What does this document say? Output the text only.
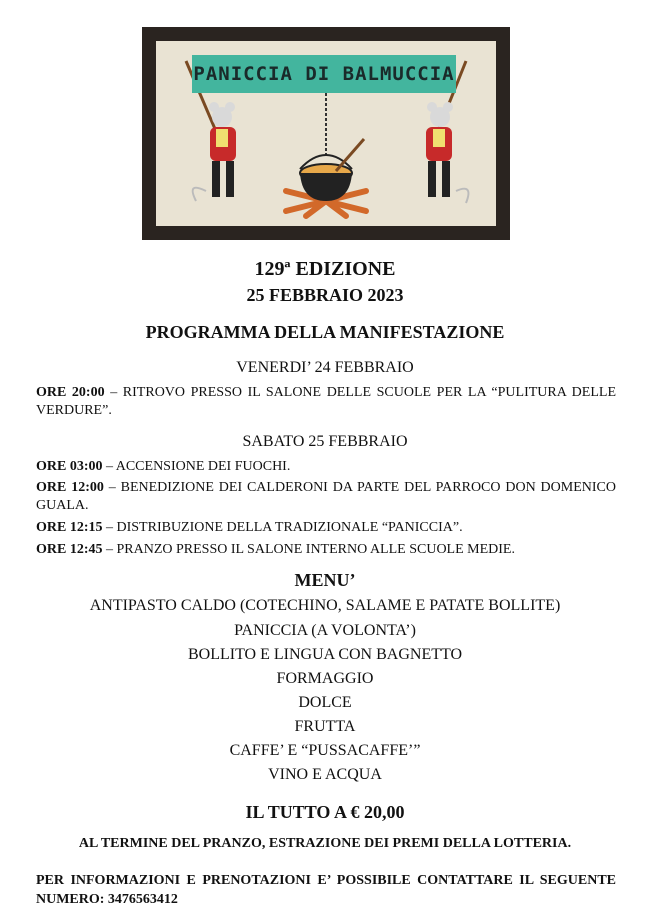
PANICCIA DI BALMUCCIA
129ª EDIZIONE
25 FEBBRAIO 2023
PROGRAMMA DELLA MANIFESTAZIONE
VENERDI’ 24 FEBBRAIO
ORE 20:00 – RITROVO PRESSO IL SALONE DELLE SCUOLE PER LA “PULITURA DELLE VERDURE”.
SABATO 25 FEBBRAIO
ORE 03:00 – ACCENSIONE DEI FUOCHI.
ORE 12:00 – BENEDIZIONE DEI CALDERONI DA PARTE DEL PARROCO DON DOMENICO GUALA.
ORE 12:15 – DISTRIBUZIONE DELLA TRADIZIONALE “PANICCIA”.
ORE 12:45 – PRANZO PRESSO IL SALONE INTERNO ALLE SCUOLE MEDIE.
MENU’
ANTIPASTO CALDO (COTECHINO, SALAME E PATATE BOLLITE)
PANICCIA (A VOLONTA’)
BOLLITO E LINGUA CON BAGNETTO
FORMAGGIO
DOLCE
FRUTTA
CAFFE’ E “PUSSACAFFE’”
VINO E ACQUA
IL TUTTO A € 20,00
AL TERMINE DEL PRANZO, ESTRAZIONE DEI PREMI DELLA LOTTERIA.
PER INFORMAZIONI E PRENOTAZIONI E’ POSSIBILE CONTATTARE IL SEGUENTE NUMERO: 3476563412
